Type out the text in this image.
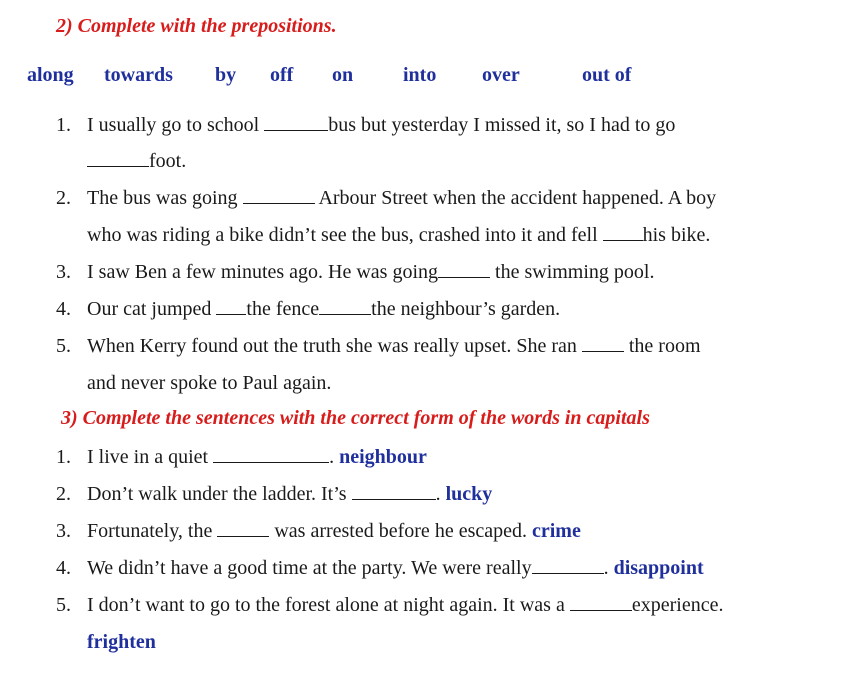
2) Complete with the prepositions.
along towards by off on into over	out of
1. I usually go to school	bus but yesterday I missed it, so I had to go
foot.
2. The bus was going	Arbour Street when the accident happened. A boy
who was riding a bike didn’t see the bus, crashed into it and fell his bike.
3. I saw Ben a few minutes ago. He was going	the swimming pool.
4. Our cat jumped the fence	the neighbour’s garden.
5. When Kerry found out the truth she was really upset. She ran  the room
and never spoke to Paul again.
3) Complete the sentences with the correct form of the words in capitals
1. I live in a quiet	. neighbour
2. Don’t walk under the ladder. It’s	. lucky
3. Fortunately, the	was arrested before he escaped. crime
4. We didn’t have a good time at the party. We were really	. disappoint
5. I don’t want to go to the forest alone at night again. It was a	experience.
frighten
